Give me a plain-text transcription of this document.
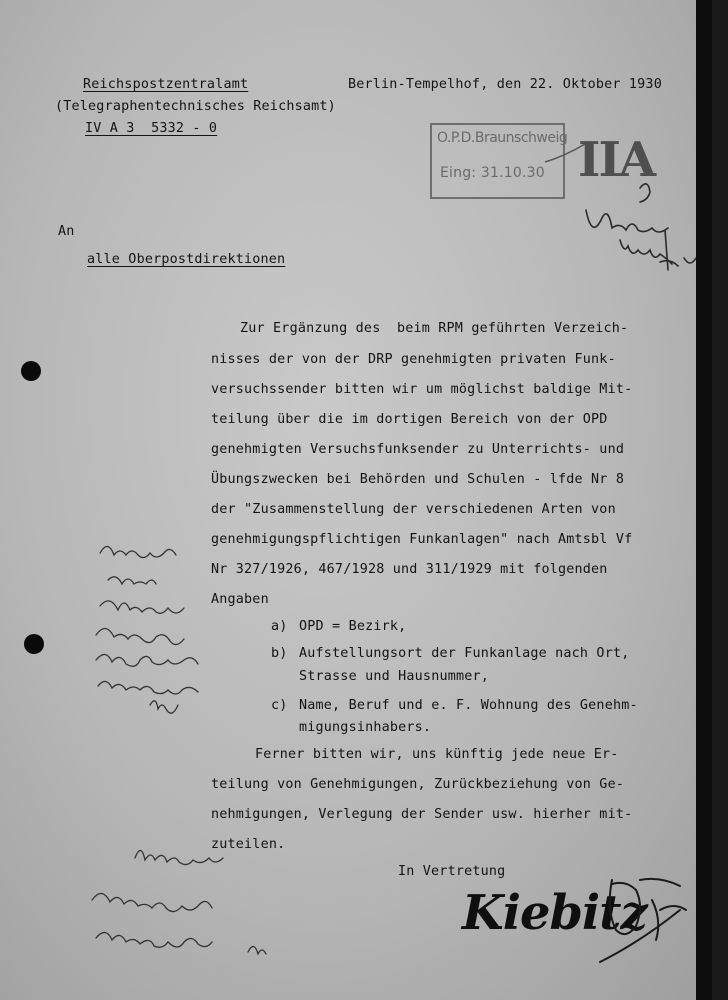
Reichspostzentralamt
(Telegraphentechnisches Reichsamt)
IV A 3  5332 - 0
Berlin-Tempelhof, den 22. Oktober 1930
O.P.D.Braunschweig
Eing: 31.10.30 IIA
An
alle Oberpostdirektionen
Zur Ergänzung des  beim RPM geführten Verzeich-
nisses der von der DRP genehmigten privaten Funk-
versuchssender bitten wir um möglichst baldige Mit-
teilung über die im dortigen Bereich von der OPD
genehmigten Versuchsfunksender zu Unterrichts- und
Übungszwecken bei Behörden und Schulen - lfde Nr 8
der "Zusammenstellung der verschiedenen Arten von
genehmigungspflichtigen Funkanlagen" nach Amtsbl Vf
Nr 327/1926, 467/1928 und 311/1929 mit folgenden
Angaben
a) OPD = Bezirk,
b) Aufstellungsort der Funkanlage nach Ort,
Strasse und Hausnummer,
c) Name, Beruf und e. F. Wohnung des Genehm-
migungsinhabers.
Ferner bitten wir, uns künftig jede neue Er-
teilung von Genehmigungen, Zurückbeziehung von Ge-
nehmigungen, Verlegung der Sender usw. hierher mit-
zuteilen.
In Vertretung
Kiebitz
